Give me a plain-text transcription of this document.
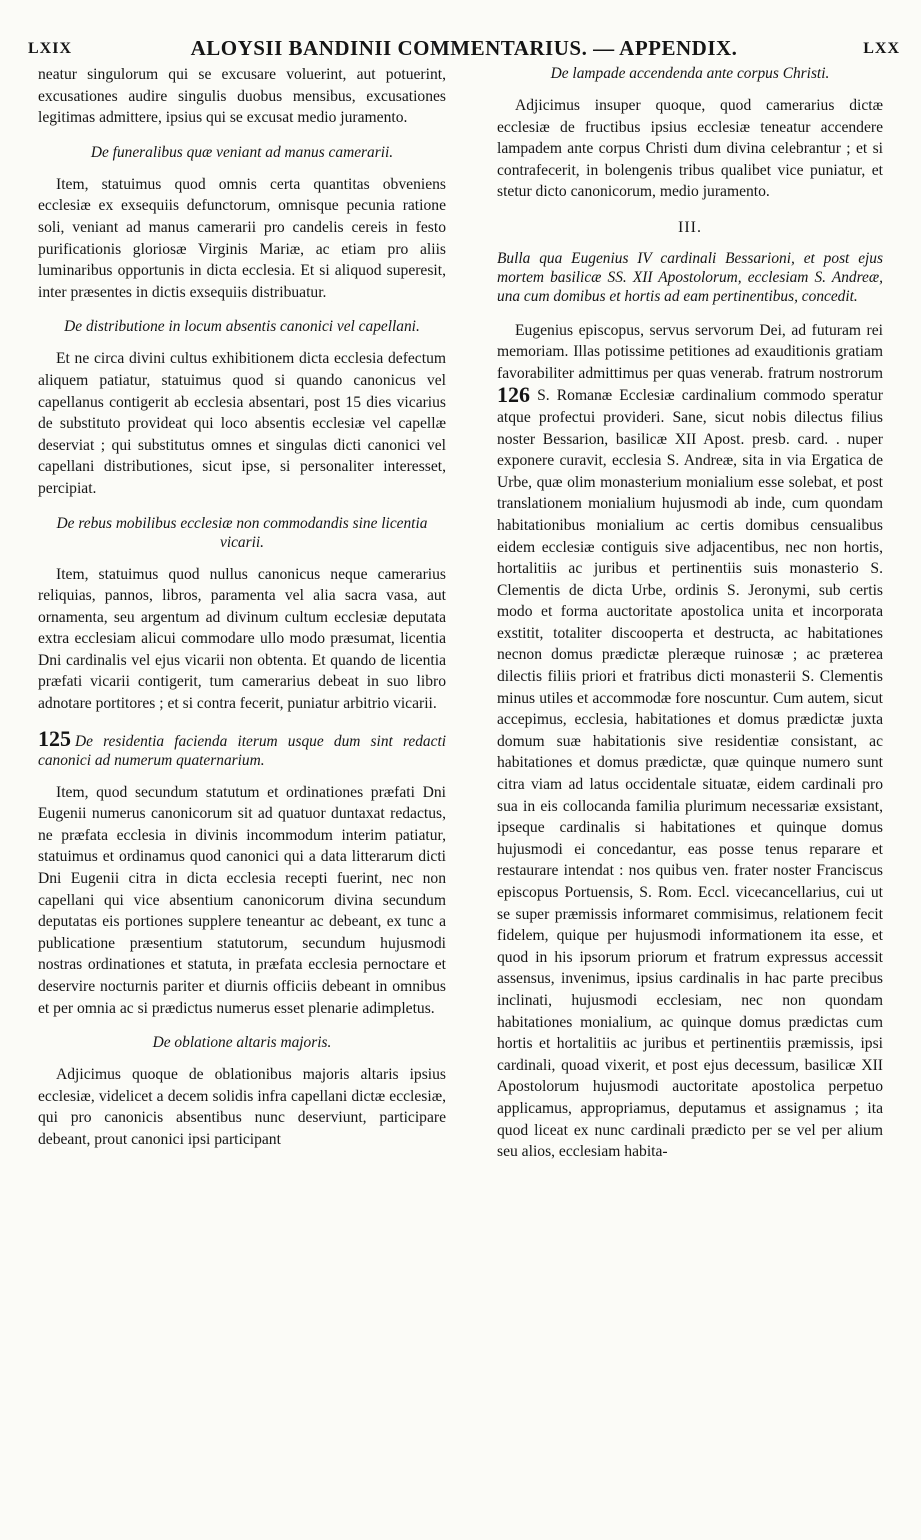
LXIX	ALOYSII BANDINII COMMENTARIUS. — APPENDIX.	LXX

neatur singulorum qui se excusare voluerint, aut potuerint, excusationes audire singulis duobus mensibus, excusationes legitimas admittere, ipsius qui se excusat medio juramento.

De funeralibus quæ veniant ad manus camerarii.

Item, statuimus quod omnis certa quantitas obveniens ecclesiæ ex exsequiis defunctorum, omnisque pecunia ratione soli, veniant ad manus camerarii pro candelis cereis in festo purificationis gloriosæ Virginis Mariæ, ac etiam pro aliis luminaribus opportunis in dicta ecclesia. Et si aliquod superesit, inter præsentes in dictis exsequiis distribuatur.

De distributione in locum absentis canonici vel capellani.

Et ne circa divini cultus exhibitionem dicta ecclesia defectum aliquem patiatur, statuimus quod si quando canonicus vel capellanus contigerit ab ecclesia absentari, post 15 dies vicarius de substituto provideat qui loco absentis ecclesiæ vel capellæ deserviat ; qui substitutus omnes et singulas dicti canonici vel capellani distributiones, sicut ipse, si personaliter interesset, percipiat.

De rebus mobilibus ecclesiæ non commodandis sine licentia vicarii.

Item, statuimus quod nullus canonicus neque camerarius reliquias, pannos, libros, paramenta vel alia sacra vasa, aut ornamenta, seu argentum ad divinum cultum ecclesiæ deputata extra ecclesiam alicui commodare ullo modo præsumat, licentia Dni cardinalis vel ejus vicarii non obtenta. Et quando de licentia præfati vicarii contigerit, tum camerarius debeat in suo libro adnotare portitores ; et si contra fecerit, puniatur arbitrio vicarii.

125 De residentia facienda iterum usque dum sint redacti canonici ad numerum quaternarium.

Item, quod secundum statutum et ordinationes præfati Dni Eugenii numerus canonicorum sit ad quatuor duntaxat redactus, ne præfata ecclesia in divinis incommodum interim patiatur, statuimus et ordinamus quod canonici qui a data litterarum dicti Dni Eugenii citra in dicta ecclesia recepti fuerint, nec non capellani qui vice absentium canonicorum divina secundum deputatas eis portiones supplere teneantur ac debeant, ex tunc a publicatione præsentium statutorum, secundum hujusmodi nostras ordinationes et statuta, in præfata ecclesia pernoctare et deservire nocturnis pariter et diurnis officiis debeant in omnibus et per omnia ac si prædictus numerus esset plenarie adimpletus.

De oblatione altaris majoris.

Adjicimus quoque de oblationibus majoris altaris ipsius ecclesiæ, videlicet a decem solidis infra capellani dictæ ecclesiæ, qui pro canonicis absentibus nunc deserviunt, participare debeant, prout canonici ipsi participant

De lampade accendenda ante corpus Christi.

Adjicimus insuper quoque, quod camerarius dictæ ecclesiæ de fructibus ipsius ecclesiæ teneatur accendere lampadem ante corpus Christi dum divina celebrantur ; et si contrafecerit, in bolengenis tribus qualibet vice puniatur, et stetur dicto canonicorum, medio juramento.

III.
Bulla qua Eugenius IV cardinali Bessarioni, et post ejus mortem basilicæ SS. XII Apostolorum, ecclesiam S. Andreæ, una cum domibus et hortis ad eam pertinentibus, concedit.

Eugenius episcopus, servus servorum Dei, ad futuram rei memoriam. Illas potissime petitiones ad exauditionis gratiam favorabiliter admittimus per quas venerab. fratrum nostrorum 126 S. Romanæ Ecclesiæ cardinalium commodo speratur atque profectui provideri. Sane, sicut nobis dilectus filius noster Bessarion, basilicæ XII Apost. presb. card. . nuper exponere curavit, ecclesia S. Andreæ, sita in via Ergatica de Urbe, quæ olim monasterium monialium esse solebat, et post translationem monialium hujusmodi ab inde, cum quondam habitationibus monialium ac certis domibus censualibus eidem ecclesiæ contiguis sive adjacentibus, nec non hortis, hortalitiis ac juribus et pertinentiis suis monasterio S. Clementis de dicta Urbe, ordinis S. Jeronymi, sub certis modo et forma auctoritate apostolica unita et incorporata exstitit, totaliter discooperta et destructa, ac habitationes necnon domus prædictæ pleræque ruinosæ ; ac præterea dilectis filiis priori et fratribus dicti monasterii S. Clementis minus utiles et accommodæ fore noscuntur. Cum autem, sicut accepimus, ecclesia, habitationes et domus prædictæ juxta domum suæ habitationis sive residentiæ consistant, ac habitationes et domus prædictæ, quæ quinque numero sunt citra viam ad latus occidentale situatæ, eidem cardinali pro sua in eis collocanda familia plurimum necessariæ exsistant, ipseque cardinalis si habitationes et quinque domus hujusmodi ei concedantur, eas posse tenus reparare et restaurare intendat : nos quibus ven. frater noster Franciscus episcopus Portuensis, S. Rom. Eccl. vicecancellarius, cui ut se super præmissis informaret commisimus, relationem fecit fidelem, quique per hujusmodi informationem ita esse, et quod in his ipsorum priorum et fratrum expressus accessit assensus, invenimus, ipsius cardinalis in hac parte precibus inclinati, hujusmodi ecclesiam, nec non quondam habitationes monialium, ac quinque domus prædictas cum hortis et hortalitiis ac juribus et pertinentiis præmissis, ipsi cardinali, quoad vixerit, et post ejus decessum, basilicæ XII Apostolorum hujusmodi auctoritate apostolica perpetuo applicamus, appropriamus, deputamus et assignamus ; ita quod liceat ex nunc cardinali prædicto per se vel per alium seu alios, ecclesiam habita-
